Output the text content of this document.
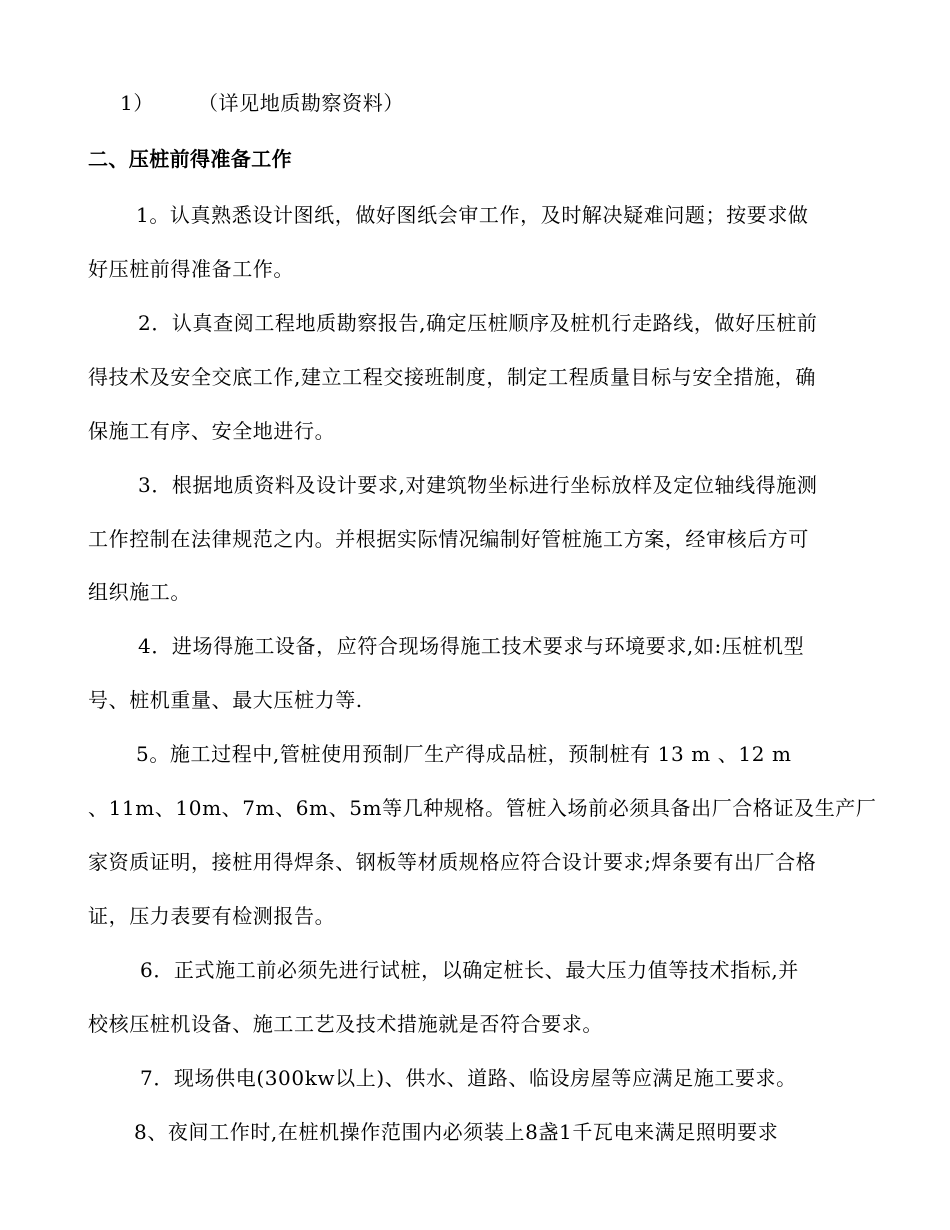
1） （详见地质勘察资料）
二、压桩前得准备工作
1。认真熟悉设计图纸，做好图纸会审工作，及时解决疑难问题；按要求做
好压桩前得准备工作。
2．认真查阅工程地质勘察报告,确定压桩顺序及桩机行走路线，做好压桩前
得技术及安全交底工作,建立工程交接班制度，制定工程质量目标与安全措施，确
保施工有序、安全地进行。
3．根据地质资料及设计要求,对建筑物坐标进行坐标放样及定位轴线得施测
工作控制在法律规范之内。并根据实际情况编制好管桩施工方案，经审核后方可
组织施工。
4．进场得施工设备，应符合现场得施工技术要求与环境要求,如:压桩机型
号、桩机重量、最大压桩力等.
5。施工过程中,管桩使用预制厂生产得成品桩，预制桩有 13 m 、12 m
、11m、10m、7m、6m、5m等几种规格。管桩入场前必须具备出厂合格证及生产厂
家资质证明，接桩用得焊条、钢板等材质规格应符合设计要求;焊条要有出厂合格
证，压力表要有检测报告。
6．正式施工前必须先进行试桩，以确定桩长、最大压力值等技术指标,并
校核压桩机设备、施工工艺及技术措施就是否符合要求。
7．现场供电(300kw以上)、供水、道路、临设房屋等应满足施工要求。
8、夜间工作时,在桩机操作范围内必须装上8盏1千瓦电来满足照明要求
